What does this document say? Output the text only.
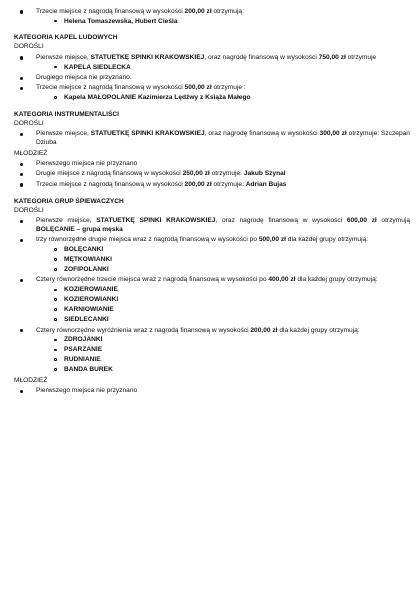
Trzecie miejsce z nagrodą finansową w wysokości 200,00 zł otrzymują:
Helena Tomaszewska, Hubert Cieśla
KATEGORIA KAPEL LUDOWYCH
DOROŚLI
Pierwsze miejsce, STATUETKĘ SPINKI KRAKOWSKIEJ, oraz nagrodę finansową w wysokości 750,00 zł otrzymuje
KAPELA SIEDLECKA
Drugiego miejsca nie przyznano.
Trzecie miejsce z nagrodą finansową w wysokości 500,00 zł otrzymuje :
Kapela MAŁOPOLANIE Kazimierza Lędźwy z Książa Małego
KATEGORIA INSTRUMENTALIŚCI
DOROŚLI
Pierwsze miejsce, STATUETKĘ SPINKI KRAKOWSKIEJ, oraz nagrodę finansową w wysokości 300,00 zł otrzymuje: Szczepan Dziuba
MŁODZIEŻ
Pierwszego miejsca nie przyznano
Drugie miejsce z nagrodą finansową w wysokości 250,00 zł otrzymuje: Jakub Szynal
Trzecie miejsce z nagrodą finansową w wysokości 200,00 zł otrzymuje: Adrian Bujas
KATEGORIA GRUP ŚPIEWACZYCH
DOROŚLI
Pierwsze miejsce, STATUETKĘ SPINKI KRAKOWSKIEJ, oraz nagrodę finansową w wysokości 600,00 zł otrzymują BOLĘCANIE – grupa męska
trzy równorzędne drugie miejsca wraz z nagrodą finansową w wysokości po 500,00 zł dla każdej grupy otrzymują:
BOLĘCANKI
MĘTKOWIANKI
ZOFIPOLANKI
Cztery równorzędne trzecie miejsca wraz z nagrodą finansową w wysokości po 400,00 zł dla każdej grupy otrzymują:
KOZIEROWIANIE
KOZIEROWIANKI
KARNIOWIANIE
SIEDLECANKI
Cztery równorzędne wyróżnienia wraz z nagrodą finansową w wysokości 200,00 zł dla każdej grupy otrzymują:
ZDROJANKI
PSARZANIE
RUDNIANIE
BANDA BUREK
MŁODZIEŻ
Pierwszego miejsca nie przyznano
